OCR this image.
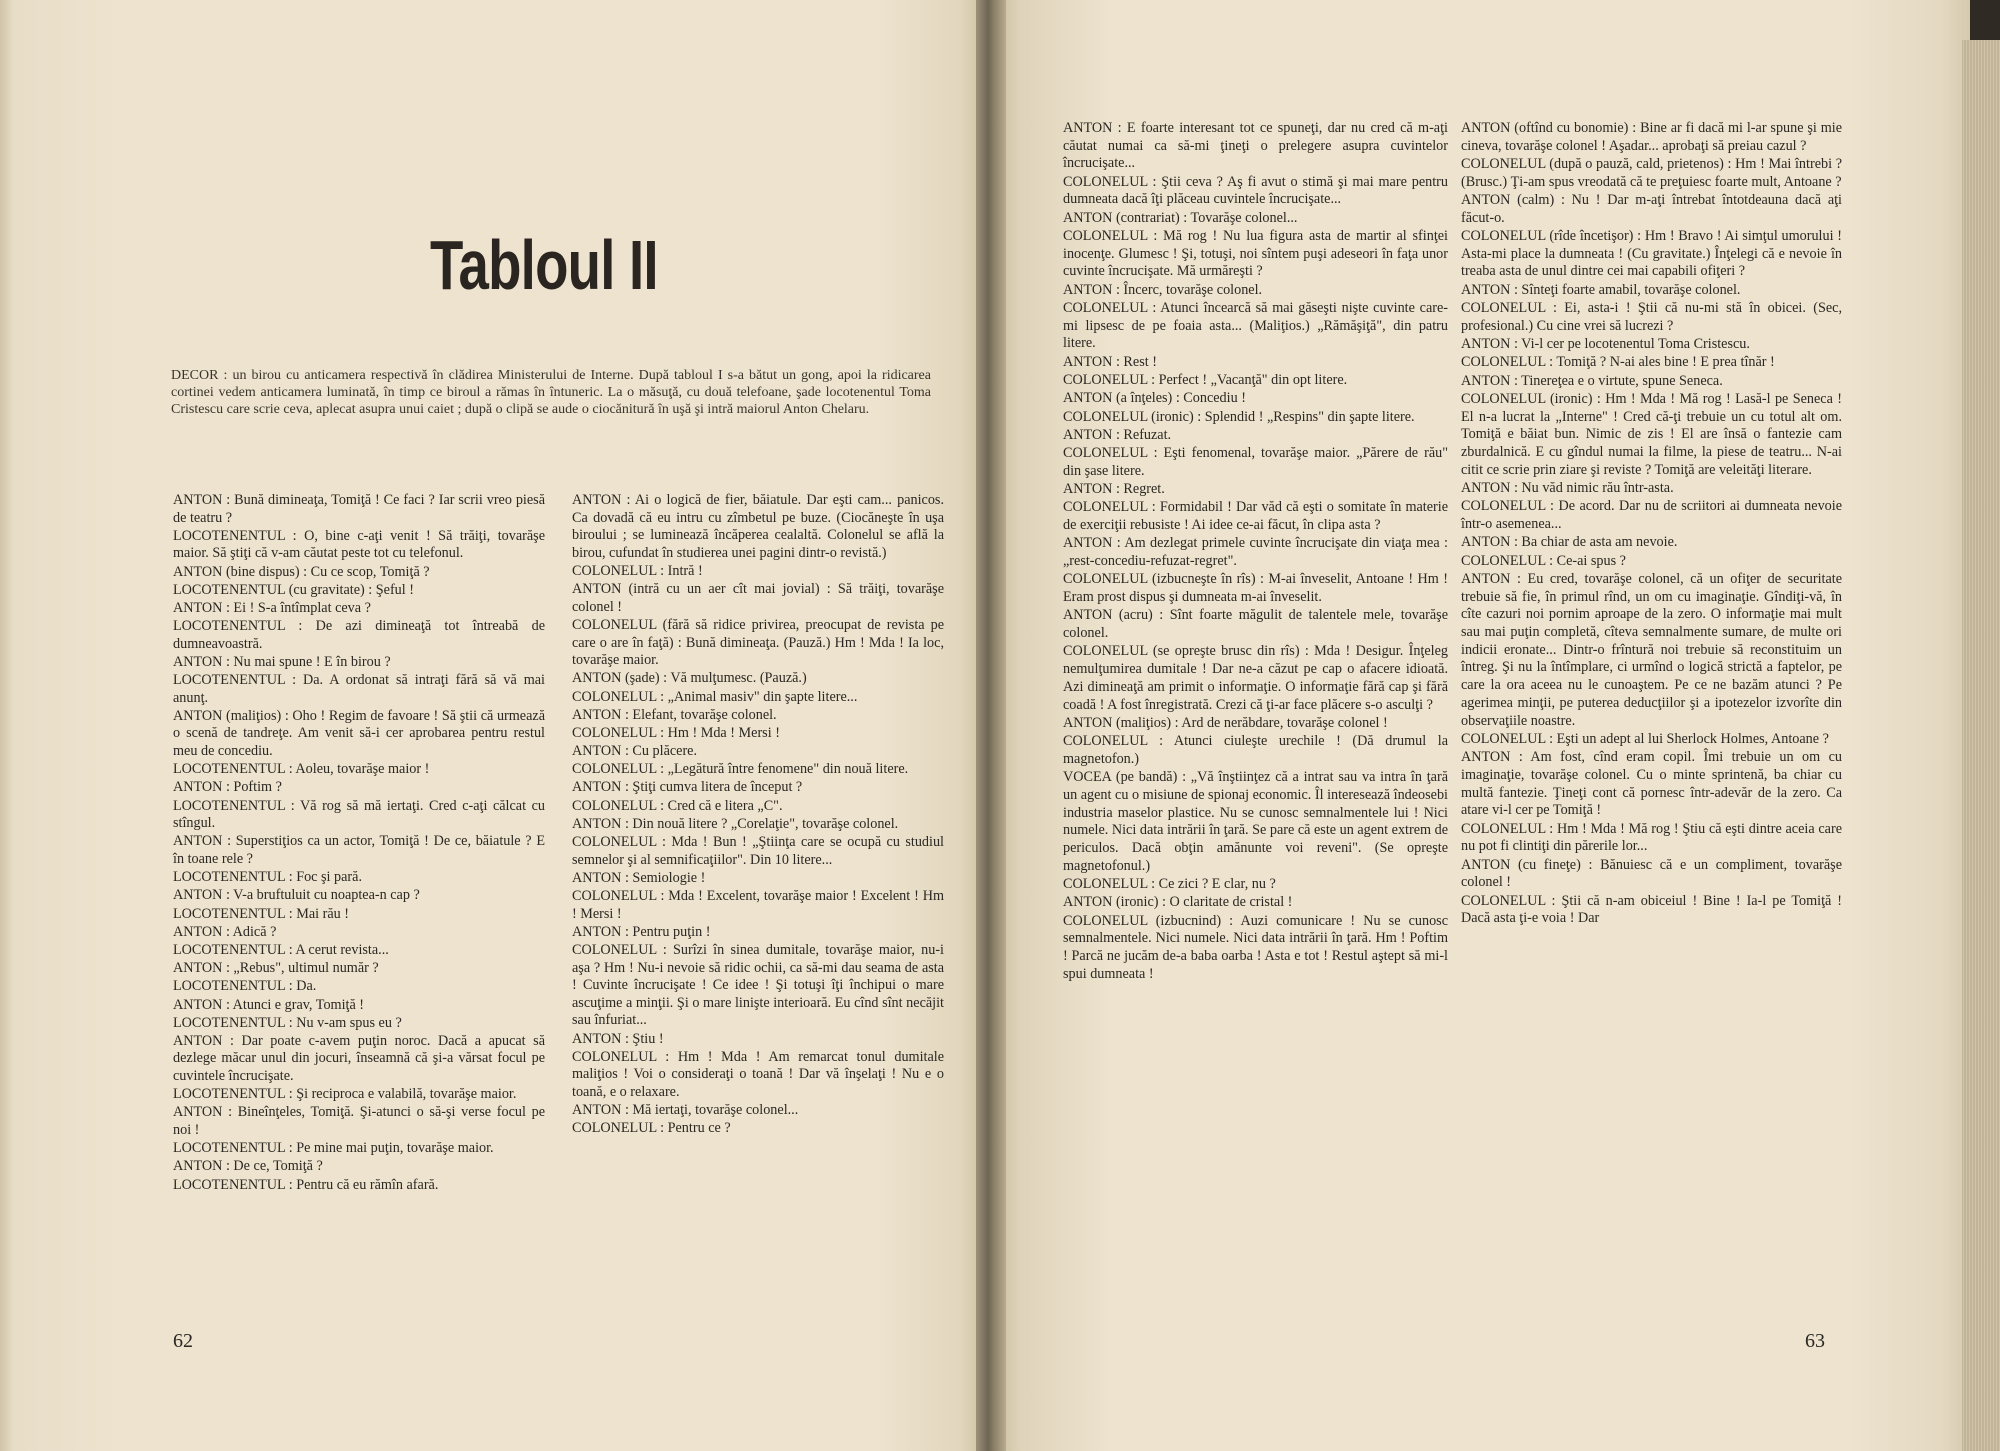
Tabloul II
DECOR : un birou cu anticamera respectivă în clădirea Ministerului de Interne. După tabloul I s-a bătut un gong, apoi la ridicarea cortinei vedem anticamera luminată, în timp ce biroul a rămas în întuneric. La o măsuţă, cu două telefoane, şade locotenentul Toma Cristescu care scrie ceva, aplecat asupra unui caiet ; după o clipă se aude o ciocănitură în uşă şi intră maiorul Anton Chelaru.

ANTON : Bună dimineaţa, Tomiţă ! Ce faci ? Iar scrii vreo piesă de teatru ?

LOCOTENENTUL : O, bine c-aţi venit ! Să trăiţi, tovarăşe maior. Să ştiţi că v-am căutat peste tot cu telefonul.

ANTON (bine dispus) : Cu ce scop, Tomiţă ?

LOCOTENENTUL (cu gravitate) : Şeful !

ANTON : Ei ! S-a întîmplat ceva ?

LOCOTENENTUL : De azi dimineaţă tot întreabă de dumneavoastră.

ANTON : Nu mai spune ! E în birou ?

LOCOTENENTUL : Da. A ordonat să intraţi fără să vă mai anunţ.

ANTON (maliţios) : Oho ! Regim de favoare ! Să ştii că urmează o scenă de tandreţe. Am venit să-i cer aprobarea pentru restul meu de concediu.

LOCOTENENTUL : Aoleu, tovarăşe maior !

ANTON : Poftim ?

LOCOTENENTUL : Vă rog să mă iertaţi. Cred c-aţi călcat cu stîngul.

ANTON : Superstiţios ca un actor, Tomiţă ! De ce, băiatule ? E în toane rele ?

LOCOTENENTUL : Foc şi pară.

ANTON : V-a bruftuluit cu noaptea-n cap ?

LOCOTENENTUL : Mai rău !

ANTON : Adică ?

LOCOTENENTUL : A cerut revista...

ANTON : „Rebus", ultimul număr ?

LOCOTENENTUL : Da.

ANTON : Atunci e grav, Tomiţă !

LOCOTENENTUL : Nu v-am spus eu ?

ANTON : Dar poate c-avem puţin noroc. Dacă a apucat să dezlege măcar unul din jocuri, înseamnă că şi-a vărsat focul pe cuvintele încrucişate.

LOCOTENENTUL : Şi reciproca e valabilă, tovarăşe maior.

ANTON : Bineînţeles, Tomiţă. Şi-atunci o să-şi verse focul pe noi !

LOCOTENENTUL : Pe mine mai puţin, tovarăşe maior.

ANTON : De ce, Tomiţă ?

LOCOTENENTUL : Pentru că eu rămîn afară.

ANTON : Ai o logică de fier, băiatule. Dar eşti cam... panicos. Ca dovadă că eu intru cu zîmbetul pe buze. (Ciocăneşte în uşa biroului ; se luminează încăperea cealaltă. Colonelul se află la birou, cufundat în studierea unei pagini dintr-o revistă.)

COLONELUL : Intră !

ANTON (intră cu un aer cît mai jovial) : Să trăiţi, tovarăşe colonel !

COLONELUL (fără să ridice privirea, preocupat de revista pe care o are în faţă) : Bună dimineaţa. (Pauză.) Hm ! Mda ! Ia loc, tovarăşe maior.

ANTON (şade) : Vă mulţumesc. (Pauză.)

COLONELUL : „Animal masiv" din şapte litere...

ANTON : Elefant, tovarăşe colonel.

COLONELUL : Hm ! Mda ! Mersi !

ANTON : Cu plăcere.

COLONELUL : „Legătură între fenomene" din nouă litere.

ANTON : Ştiţi cumva litera de început ?

COLONELUL : Cred că e litera „C".

ANTON : Din nouă litere ? „Corelaţie", tovarăşe colonel.

COLONELUL : Mda ! Bun ! „Ştiinţa care se ocupă cu studiul semnelor şi al semnificaţiilor". Din 10 litere...

ANTON : Semiologie !

COLONELUL : Mda ! Excelent, tovarăşe maior ! Excelent ! Hm ! Mersi !

ANTON : Pentru puţin !

COLONELUL : Surîzi în sinea dumitale, tovarăşe maior, nu-i aşa ? Hm ! Nu-i nevoie să ridic ochii, ca să-mi dau seama de asta ! Cuvinte încrucişate ! Ce idee ! Şi totuşi îţi închipui o mare ascuţime a minţii. Şi o mare linişte interioară. Eu cînd sînt necăjit sau înfuriat...

ANTON : Ştiu !

COLONELUL : Hm ! Mda ! Am remarcat tonul dumitale maliţios ! Voi o consideraţi o toană ! Dar vă înşelaţi ! Nu e o toană, e o relaxare.

ANTON : Mă iertaţi, tovarăşe colonel...

COLONELUL : Pentru ce ?

62

ANTON : E foarte interesant tot ce spuneţi, dar nu cred că m-aţi căutat numai ca să-mi ţineţi o prelegere asupra cuvintelor încrucişate...

COLONELUL : Ştii ceva ? Aş fi avut o stimă şi mai mare pentru dumneata dacă îţi plăceau cuvintele încrucişate...

ANTON (contrariat) : Tovarăşe colonel...

COLONELUL : Mă rog ! Nu lua figura asta de martir al sfinţei inocenţe. Glumesc ! Şi, totuşi, noi sîntem puşi adeseori în faţa unor cuvinte încrucişate. Mă urmăreşti ?

ANTON : Încerc, tovarăşe colonel.

COLONELUL : Atunci încearcă să mai găseşti nişte cuvinte care-mi lipsesc de pe foaia asta... (Maliţios.) „Rămăşiţă", din patru litere.

ANTON : Rest !

COLONELUL : Perfect ! „Vacanţă" din opt litere.

ANTON (a înţeles) : Concediu !

COLONELUL (ironic) : Splendid ! „Respins" din şapte litere.

ANTON : Refuzat.

COLONELUL : Eşti fenomenal, tovarăşe maior. „Părere de rău" din şase litere.

ANTON : Regret.

COLONELUL : Formidabil ! Dar văd că eşti o somitate în materie de exerciţii rebusiste ! Ai idee ce-ai făcut, în clipa asta ?

ANTON : Am dezlegat primele cuvinte încrucişate din viaţa mea : „rest-concediu-refuzat-regret".

COLONELUL (izbucneşte în rîs) : M-ai înveselit, Antoane ! Hm ! Eram prost dispus şi dumneata m-ai înveselit.

ANTON (acru) : Sînt foarte măgulit de talentele mele, tovarăşe colonel.

COLONELUL (se opreşte brusc din rîs) : Mda ! Desigur. Înţeleg nemulţumirea dumitale ! Dar ne-a căzut pe cap o afacere idioată. Azi dimineaţă am primit o informaţie. O informaţie fără cap şi fără coadă ! A fost înregistrată. Crezi că ţi-ar face plăcere s-o asculţi ?

ANTON (maliţios) : Ard de nerăbdare, tovarăşe colonel !

COLONELUL : Atunci ciuleşte urechile ! (Dă drumul la magnetofon.)

VOCEA (pe bandă) : „Vă înştiinţez că a intrat sau va intra în ţară un agent cu o misiune de spionaj economic. Îl interesează îndeosebi industria maselor plastice. Nu se cunosc semnalmentele lui ! Nici numele. Nici data intrării în ţară. Se pare că este un agent extrem de periculos. Dacă obţin amănunte voi reveni". (Se opreşte magnetofonul.)

COLONELUL : Ce zici ? E clar, nu ?

ANTON (ironic) : O claritate de cristal !

COLONELUL (izbucnind) : Auzi comunicare ! Nu se cunosc semnalmentele. Nici numele. Nici data intrării în ţară. Hm ! Poftim ! Parcă ne jucăm de-a baba oarba ! Asta e tot ! Restul aştept să mi-l spui dumneata !

ANTON (oftînd cu bonomie) : Bine ar fi dacă mi l-ar spune şi mie cineva, tovarăşe colonel ! Aşadar... aprobaţi să preiau cazul ?

COLONELUL (după o pauză, cald, prietenos) : Hm ! Mai întrebi ? (Brusc.) Ţi-am spus vreodată că te preţuiesc foarte mult, Antoane ?

ANTON (calm) : Nu ! Dar m-aţi întrebat întotdeauna dacă aţi făcut-o.

COLONELUL (rîde încetişor) : Hm ! Bravo ! Ai simţul umorului ! Asta-mi place la dumneata ! (Cu gravitate.) Înţelegi că e nevoie în treaba asta de unul dintre cei mai capabili ofiţeri ?

ANTON : Sînteţi foarte amabil, tovarăşe colonel.

COLONELUL : Ei, asta-i ! Ştii că nu-mi stă în obicei. (Sec, profesional.) Cu cine vrei să lucrezi ?

ANTON : Vi-l cer pe locotenentul Toma Cristescu.

COLONELUL : Tomiţă ? N-ai ales bine ! E prea tînăr !

ANTON : Tinereţea e o virtute, spune Seneca.

COLONELUL (ironic) : Hm ! Mda ! Mă rog ! Lasă-l pe Seneca ! El n-a lucrat la „Interne" ! Cred că-ţi trebuie un cu totul alt om. Tomiţă e băiat bun. Nimic de zis ! El are însă o fantezie cam zburdalnică. E cu gîndul numai la filme, la piese de teatru... N-ai citit ce scrie prin ziare şi reviste ? Tomiţă are veleităţi literare.

ANTON : Nu văd nimic rău într-asta.

COLONELUL : De acord. Dar nu de scriitori ai dumneata nevoie într-o asemenea...

ANTON : Ba chiar de asta am nevoie.

COLONELUL : Ce-ai spus ?

ANTON : Eu cred, tovarăşe colonel, că un ofiţer de securitate trebuie să fie, în primul rînd, un om cu imaginaţie. Gîndiţi-vă, în cîte cazuri noi pornim aproape de la zero. O informaţie mai mult sau mai puţin completă, cîteva semnalmente sumare, de multe ori indicii eronate... Dintr-o frîntură noi trebuie să reconstituim un întreg. Şi nu la întîmplare, ci urmînd o logică strictă a faptelor, pe care la ora aceea nu le cunoaştem. Pe ce ne bazăm atunci ? Pe agerimea minţii, pe puterea deducţiilor şi a ipotezelor izvorîte din observaţiile noastre.

COLONELUL : Eşti un adept al lui Sherlock Holmes, Antoane ?

ANTON : Am fost, cînd eram copil. Îmi trebuie un om cu imaginaţie, tovarăşe colonel. Cu o minte sprintenă, ba chiar cu multă fantezie. Ţineţi cont că pornesc într-adevăr de la zero. Ca atare vi-l cer pe Tomiţă !

COLONELUL : Hm ! Mda ! Mă rog ! Ştiu că eşti dintre aceia care nu pot fi clintiţi din părerile lor...

ANTON (cu fineţe) : Bănuiesc că e un compliment, tovarăşe colonel !

COLONELUL : Ştii că n-am obiceiul ! Bine ! Ia-l pe Tomiţă ! Dacă asta ţi-e voia ! Dar

63
